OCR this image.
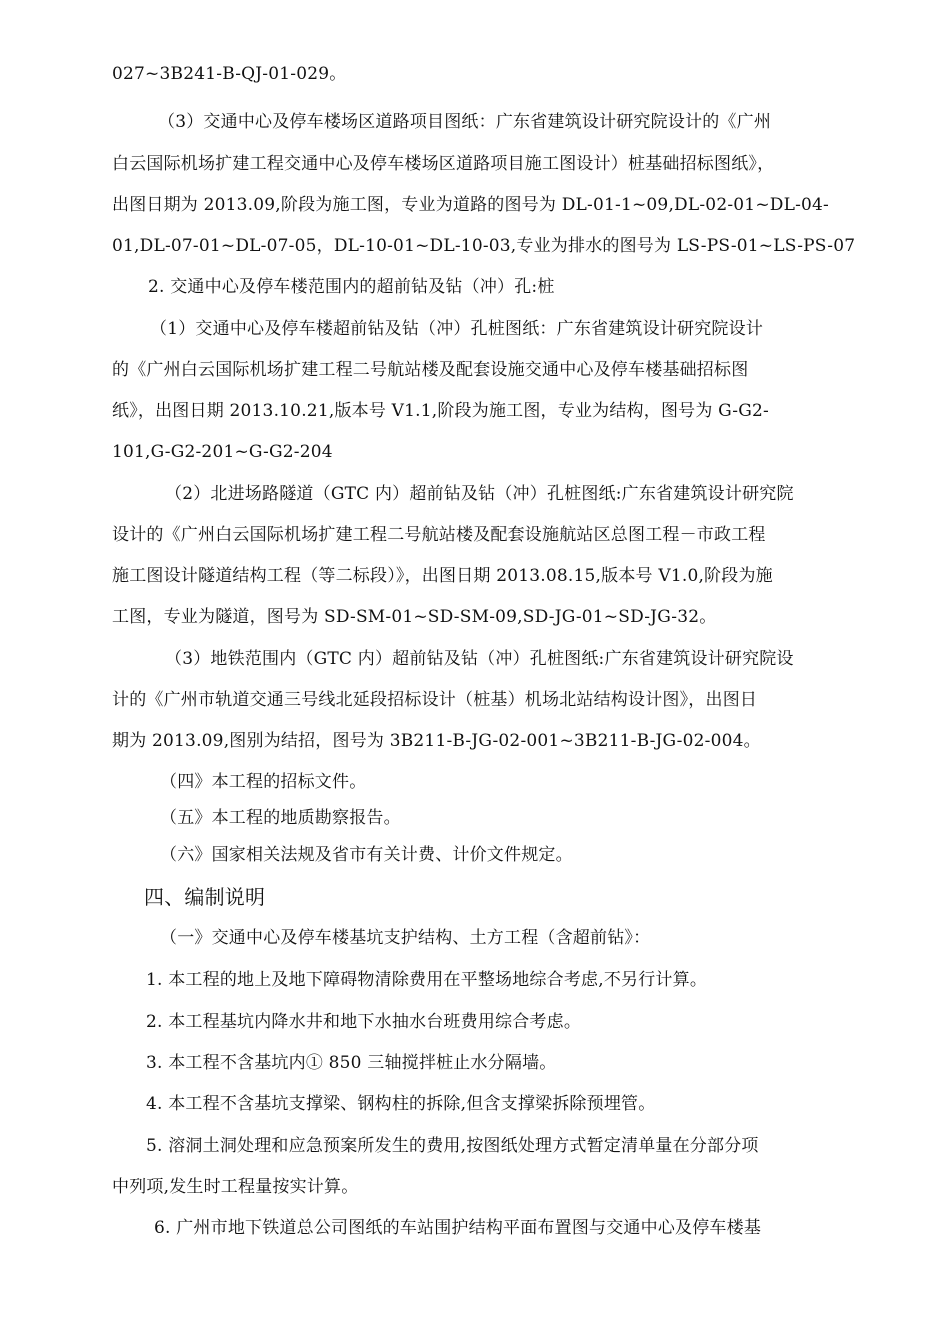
027~3B241-B-QJ-01-029。
（3）交通中心及停车楼场区道路项目图纸：广东省建筑设计研究院设计的《广州
白云国际机场扩建工程交通中心及停车楼场区道路项目施工图设计）桩基础招标图纸》，
出图日期为 2013.09,阶段为施工图，专业为道路的图号为 DL-01-1~09,DL-02-01~DL-04-
01,DL-07-01~DL-07-05，DL-10-01~DL-10-03,专业为排水的图号为 LS-PS-01~LS-PS-07
2. 交通中心及停车楼范围内的超前钻及钻（冲）孔:桩
（1）交通中心及停车楼超前钻及钻（冲）孔桩图纸：广东省建筑设计研究院设计
的《广州白云国际机场扩建工程二号航站楼及配套设施交通中心及停车楼基础招标图
纸》，出图日期 2013.10.21,版本号 V1.1,阶段为施工图，专业为结构，图号为 G-G2-
101,G-G2-201~G-G2-204
（2）北进场路隧道（GTC 内）超前钻及钻（冲）孔桩图纸:广东省建筑设计研究院
设计的《广州白云国际机场扩建工程二号航站楼及配套设施航站区总图工程－市政工程
施工图设计隧道结构工程（等二标段）》，出图日期 2013.08.15,版本号 V1.0,阶段为施
工图，专业为隧道，图号为 SD-SM-01~SD-SM-09,SD-JG-01~SD-JG-32。
（3）地铁范围内（GTC 内）超前钻及钻（冲）孔桩图纸:广东省建筑设计研究院设
计的《广州市轨道交通三号线北延段招标设计（桩基）机场北站结构设计图》，出图日
期为 2013.09,图别为结招，图号为 3B211-B-JG-02-001~3B211-B-JG-02-004。
（四》本工程的招标文件。
（五》本工程的地质勘察报告。
（六》国家相关法规及省市有关计费、计价文件规定。
四、编制说明
（一》交通中心及停车楼基坑支护结构、土方工程（含超前钻》：
1. 本工程的地上及地下障碍物清除费用在平整场地综合考虑,不另行计算。
2. 本工程基坑内降水井和地下水抽水台班费用综合考虑。
3. 本工程不含基坑内① 850 三轴搅拌桩止水分隔墙。
4. 本工程不含基坑支撑梁、钢构柱的拆除,但含支撑梁拆除预埋管。
5. 溶洞土洞处理和应急预案所发生的费用,按图纸处理方式暂定清单量在分部分项
中列项,发生时工程量按实计算。
6. 广州市地下铁道总公司图纸的车站围护结构平面布置图与交通中心及停车楼基
